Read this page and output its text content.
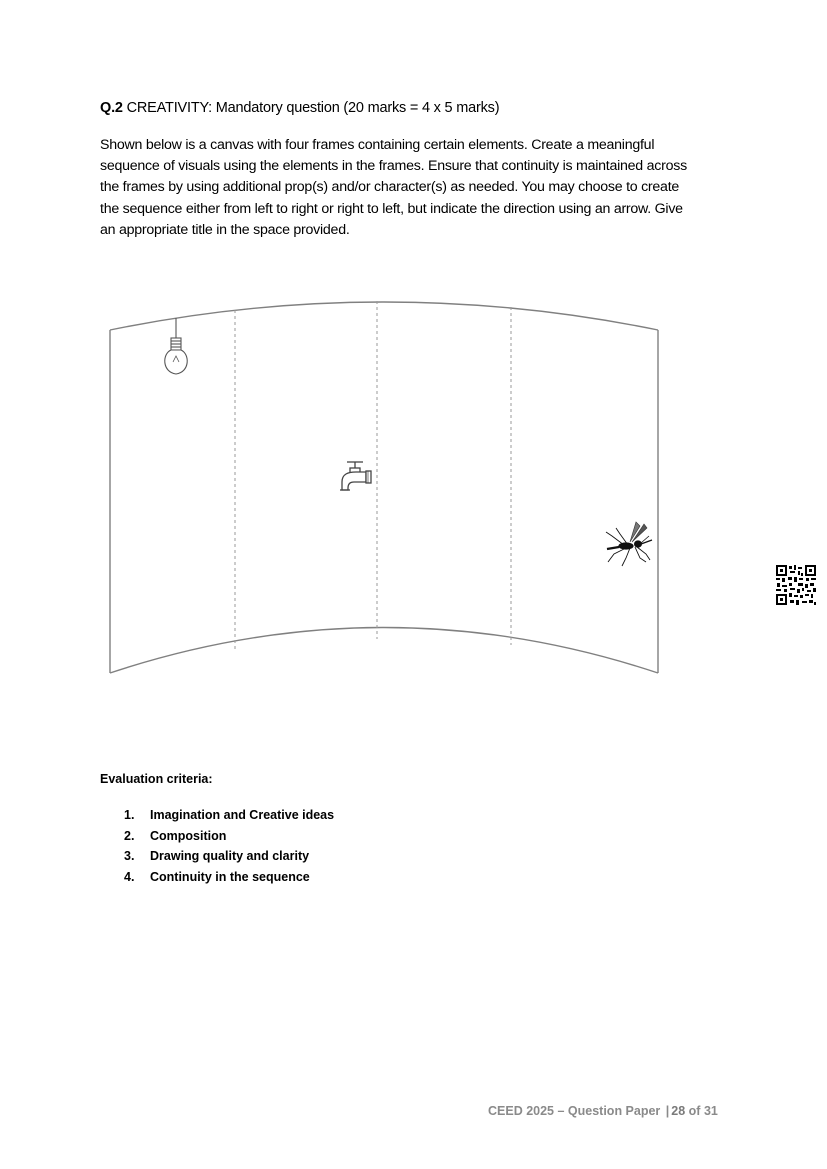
Q.2 CREATIVITY: Mandatory question (20 marks = 4 x 5 marks)
Shown below is a canvas with four frames containing certain elements. Create a meaningful
sequence of visuals using the elements in the frames. Ensure that continuity is maintained across
the frames by using additional prop(s) and/or character(s) as needed. You may choose to create
the sequence either from left to right or right to left, but indicate the direction using an arrow. Give
an appropriate title in the space provided.
Evaluation criteria:
1.	Imagination and Creative ideas
2.	Composition
3.	Drawing quality and clarity
4.	Continuity in the sequence
CEED 2025 – Question Paper | 28 of 31
